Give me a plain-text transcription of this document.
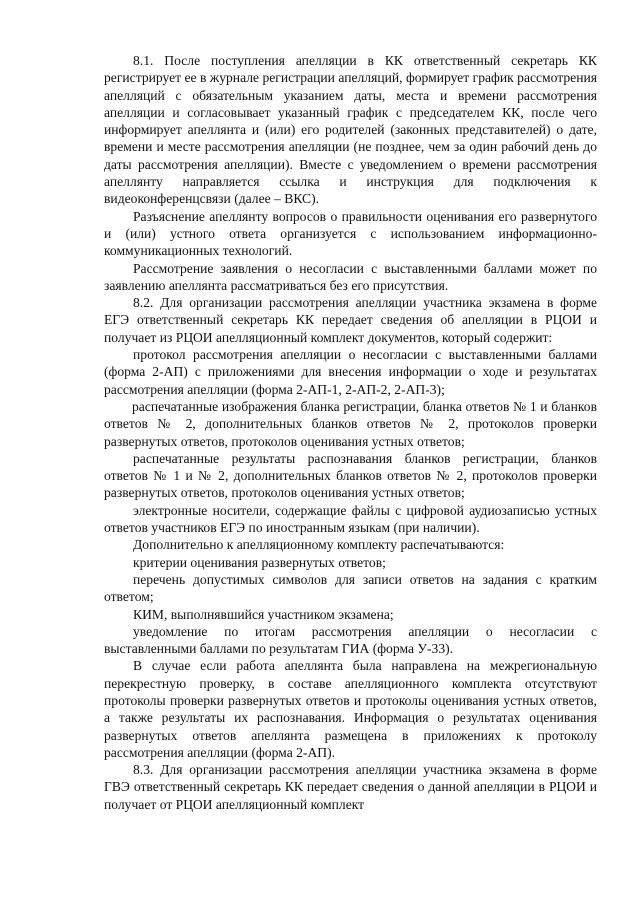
8.1. После поступления апелляции в КК ответственный секретарь КК регистрирует ее в журнале регистрации апелляций, формирует график рассмотрения апелляций с обязательным указанием даты, места и времени рассмотрения апелляции и согласовывает указанный график с председателем КК, после чего информирует апеллянта и (или) его родителей (законных представителей) о дате, времени и месте рассмотрения апелляции (не позднее, чем за один рабочий день до даты рассмотрения апелляции). Вместе с уведомлением о времени рассмотрения апеллянту направляется ссылка и инструкция для подключения к видеоконференцсвязи (далее – ВКС).

Разъяснение апеллянту вопросов о правильности оценивания его развернутого и (или) устного ответа организуется с использованием информационно-коммуникационных технологий.

Рассмотрение заявления о несогласии с выставленными баллами может по заявлению апеллянта рассматриваться без его присутствия.

8.2. Для организации рассмотрения апелляции участника экзамена в форме ЕГЭ ответственный секретарь КК передает сведения об апелляции в РЦОИ и получает из РЦОИ апелляционный комплект документов, который содержит:

протокол рассмотрения апелляции о несогласии с выставленными баллами (форма 2-АП) с приложениями для внесения информации о ходе и результатах рассмотрения апелляции (форма 2-АП-1, 2-АП-2, 2-АП-3);

распечатанные изображения бланка регистрации, бланка ответов № 1 и бланков ответов № 2, дополнительных бланков ответов № 2, протоколов проверки развернутых ответов, протоколов оценивания устных ответов;

распечатанные результаты распознавания бланков регистрации, бланков ответов № 1 и № 2, дополнительных бланков ответов № 2, протоколов проверки развернутых ответов, протоколов оценивания устных ответов;

электронные носители, содержащие файлы с цифровой аудиозаписью устных ответов участников ЕГЭ по иностранным языкам (при наличии).

Дополнительно к апелляционному комплекту распечатываются:

критерии оценивания развернутых ответов;

перечень допустимых символов для записи ответов на задания с кратким ответом;

КИМ, выполнявшийся участником экзамена;

уведомление по итогам рассмотрения апелляции о несогласии с выставленными баллами по результатам ГИА (форма У-33).

В случае если работа апеллянта была направлена на межрегиональную перекрестную проверку, в составе апелляционного комплекта отсутствуют протоколы проверки развернутых ответов и протоколы оценивания устных ответов, а также результаты их распознавания. Информация о результатах оценивания развернутых ответов апеллянта размещена в приложениях к протоколу рассмотрения апелляции (форма 2-АП).

8.3. Для организации рассмотрения апелляции участника экзамена в форме ГВЭ ответственный секретарь КК передает сведения о данной апелляции в РЦОИ и получает от РЦОИ апелляционный комплект
